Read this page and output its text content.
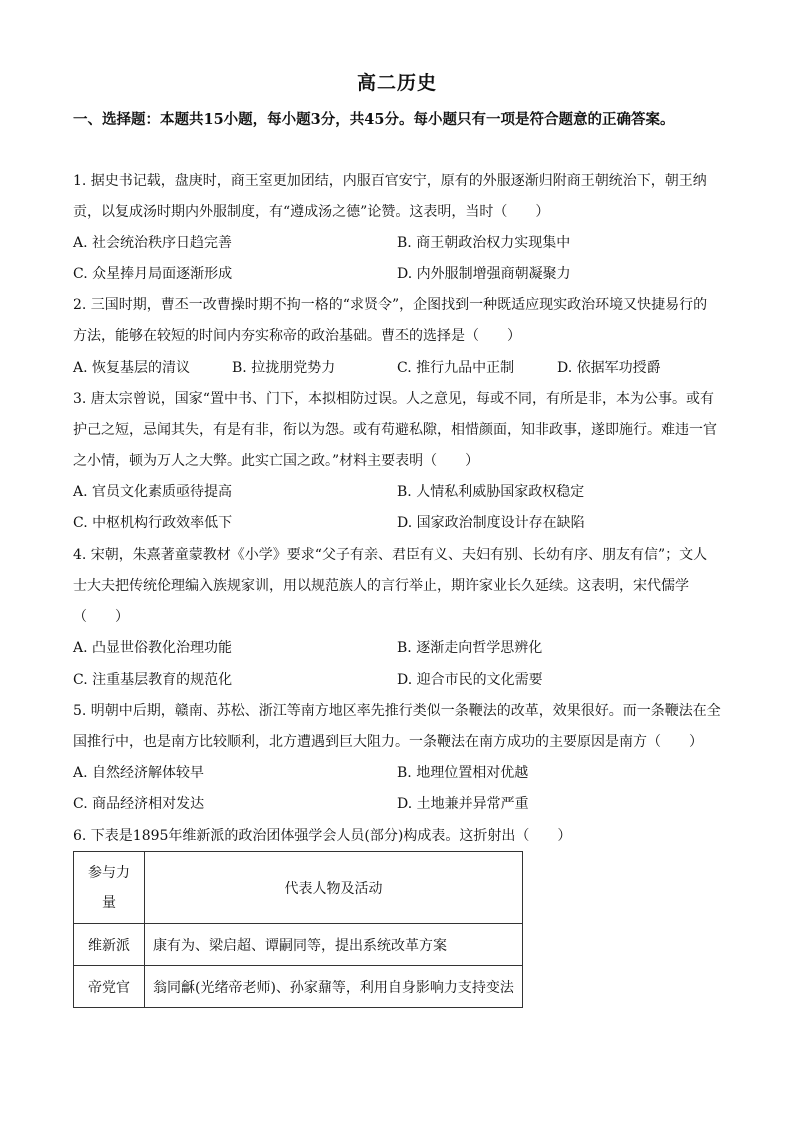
高二历史
一、选择题：本题共15小题，每小题3分，共45分。每小题只有一项是符合题意的正确答案。
1. 据史书记载，盘庚时，商王室更加团结，内服百官安宁，原有的外服逐渐归附商王朝统治下，朝王纳
贡，以复成汤时期内外服制度，有“遵成汤之德”论赞。这表明，当时（　　）
A. 社会统治秩序日趋完善	B. 商王朝政治权力实现集中
C. 众星捧月局面逐渐形成	D. 内外服制增强商朝凝聚力
2. 三国时期，曹丕一改曹操时期不拘一格的“求贤令”，企图找到一种既适应现实政治环境又快捷易行的
方法，能够在较短的时间内夯实称帝的政治基础。曹丕的选择是（　　）
A. 恢复基层的清议	B. 拉拢朋党势力	C. 推行九品中正制	D. 依据军功授爵
3. 唐太宗曾说，国家“置中书、门下，本拟相防过误。人之意见，每或不同，有所是非，本为公事。或有
护己之短，忌闻其失，有是有非，衔以为怨。或有苟避私隙，相惜颜面，知非政事，遂即施行。难违一官
之小情，顿为万人之大弊。此实亡国之政。”材料主要表明（　　）
A. 官员文化素质亟待提高	B. 人情私利威胁国家政权稳定
C. 中枢机构行政效率低下	D. 国家政治制度设计存在缺陷
4. 宋朝，朱熹著童蒙教材《小学》要求“父子有亲、君臣有义、夫妇有别、长幼有序、朋友有信”；文人
士大夫把传统伦理编入族规家训，用以规范族人的言行举止，期许家业长久延续。这表明，宋代儒学
（　　）
A. 凸显世俗教化治理功能	B. 逐渐走向哲学思辨化
C. 注重基层教育的规范化	D. 迎合市民的文化需要
5. 明朝中后期，赣南、苏松、浙江等南方地区率先推行类似一条鞭法的改革，效果很好。而一条鞭法在全
国推行中，也是南方比较顺利，北方遭遇到巨大阻力。一条鞭法在南方成功的主要原因是南方（　　）
A. 自然经济解体较早	B. 地理位置相对优越
C. 商品经济相对发达	D. 土地兼并异常严重
6. 下表是1895年维新派的政治团体强学会人员(部分)构成表。这折射出（　　）
参与力
量	代表人物及活动
维新派	康有为、梁启超、谭嗣同等，提出系统改革方案
帝党官	翁同龢(光绪帝老师)、孙家鼐等，利用自身影响力支持变法
